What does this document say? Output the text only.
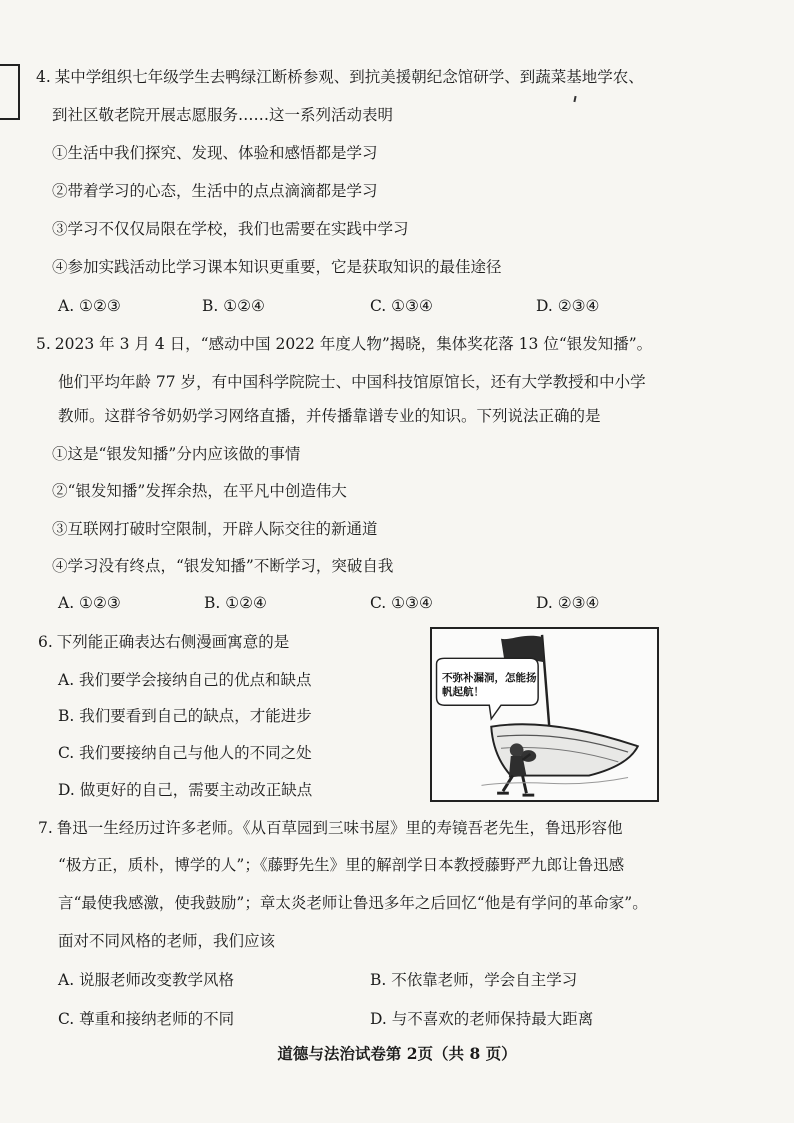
4. 某中学组织七年级学生去鸭绿江断桥参观、到抗美援朝纪念馆研学、到蔬菜基地学农、
到社区敬老院开展志愿服务……这一系列活动表明
①生活中我们探究、发现、体验和感悟都是学习
②带着学习的心态，生活中的点点滴滴都是学习
③学习不仅仅局限在学校，我们也需要在实践中学习
④参加实践活动比学习课本知识更重要，它是获取知识的最佳途径
A. ①②③	B. ①②④	C. ①③④	D. ②③④
5. 2023 年 3 月 4 日，“感动中国 2022 年度人物”揭晓，集体奖花落 13 位“银发知播”。
他们平均年龄 77 岁，有中国科学院院士、中国科技馆原馆长，还有大学教授和中小学
教师。这群爷爷奶奶学习网络直播，并传播靠谱专业的知识。下列说法正确的是
①这是“银发知播”分内应该做的事情
②“银发知播”发挥余热，在平凡中创造伟大
③互联网打破时空限制，开辟人际交往的新通道
④学习没有终点，“银发知播”不断学习，突破自我
A. ①②③	B. ①②④	C. ①③④	D. ②③④
6. 下列能正确表达右侧漫画寓意的是
A. 我们要学会接纳自己的优点和缺点
B. 我们要看到自己的缺点，才能进步
C. 我们要接纳自己与他人的不同之处
D. 做更好的自己，需要主动改正缺点
不弥补漏洞，怎能扬帆起航！
7. 鲁迅一生经历过许多老师。《从百草园到三味书屋》里的寿镜吾老先生，鲁迅形容他
“极方正，质朴，博学的人”；《藤野先生》里的解剖学日本教授藤野严九郎让鲁迅感
言“最使我感激，使我鼓励”；章太炎老师让鲁迅多年之后回忆“他是有学问的革命家”。
面对不同风格的老师，我们应该
A. 说服老师改变教学风格	B. 不依靠老师，学会自主学习
C. 尊重和接纳老师的不同	D. 与不喜欢的老师保持最大距离
道德与法治试卷第 2页（共 8 页）
